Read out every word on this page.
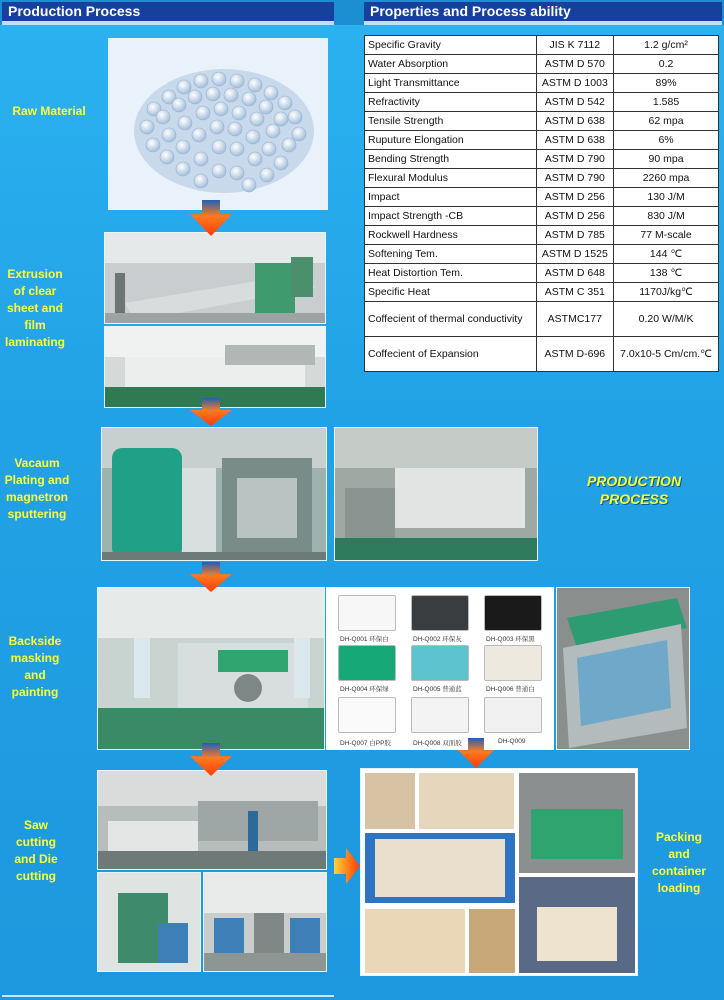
Production Process	Properties and Process ability
PRODUCTION PROCESS
DH-Q001 环保白	DH-Q002 环保灰	DH-Q003 环保黑
DH-Q004 环保绿	DH-Q005 普通蓝	DH-Q006 普通白
DH-Q007 白PP胶	DH-Q008 双面胶	DH-Q009
Raw Material
Extrusion of clear sheet and film laminating
Vacaum Plating and magnetron sputtering
Backside masking and painting
Saw cutting and Die cutting
Packing and container loading
Specific Gravity	JIS K 7112	1.2 g/cm²
Water Absorption	ASTM D 570	0.2
Light Transmittance	ASTM D 1003	89%
Refractivity	ASTM D 542	1.585
Tensile Strength	ASTM D 638	62 mpa
Ruputure Elongation	ASTM D 638	6%
Bending Strength	ASTM D 790	90 mpa
Flexural Modulus	ASTM D 790	2260 mpa
Impact	ASTM D 256	130 J/M
Impact Strength -CB	ASTM D 256	830 J/M
Rockwell Hardness	ASTM D 785	77 M-scale
Softening Tem.	ASTM D 1525	144 ℃
Heat Distortion Tem.	ASTM D 648	138 ℃
Specific Heat	ASTM C 351	1170J/kg℃
Coffecient of thermal conductivity	ASTMC177	0.20 W/M/K
Coffecient of Expansion	ASTM D-696	7.0x10-5 Cm/cm.℃
